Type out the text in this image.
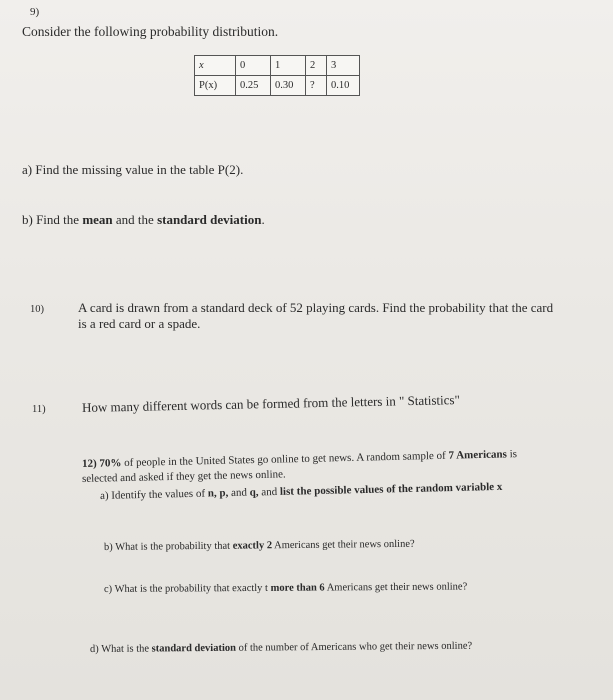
9)
Consider the following probability distribution.
x	0	1	2	3
P(x)	0.25	0.30	?	0.10
a) Find the missing value in the table P(2).
b) Find the mean and the standard deviation.
10)	A card is drawn from a standard deck of 52 playing cards. Find the probability that the card
is a red card or a spade.
11)	How many different words can be formed from the letters in " Statistics"
12) 70% of people in the United States go online to get news. A random sample of 7 Americans is
selected and asked if they get the news online.
a) Identify the values of n, p, and q, and list the possible values of the random variable x
b) What is the probability that exactly 2 Americans get their news online?
c) What is the probability that exactly t more than 6 Americans get their news online?
d) What is the standard deviation of the number of Americans who get their news online?
